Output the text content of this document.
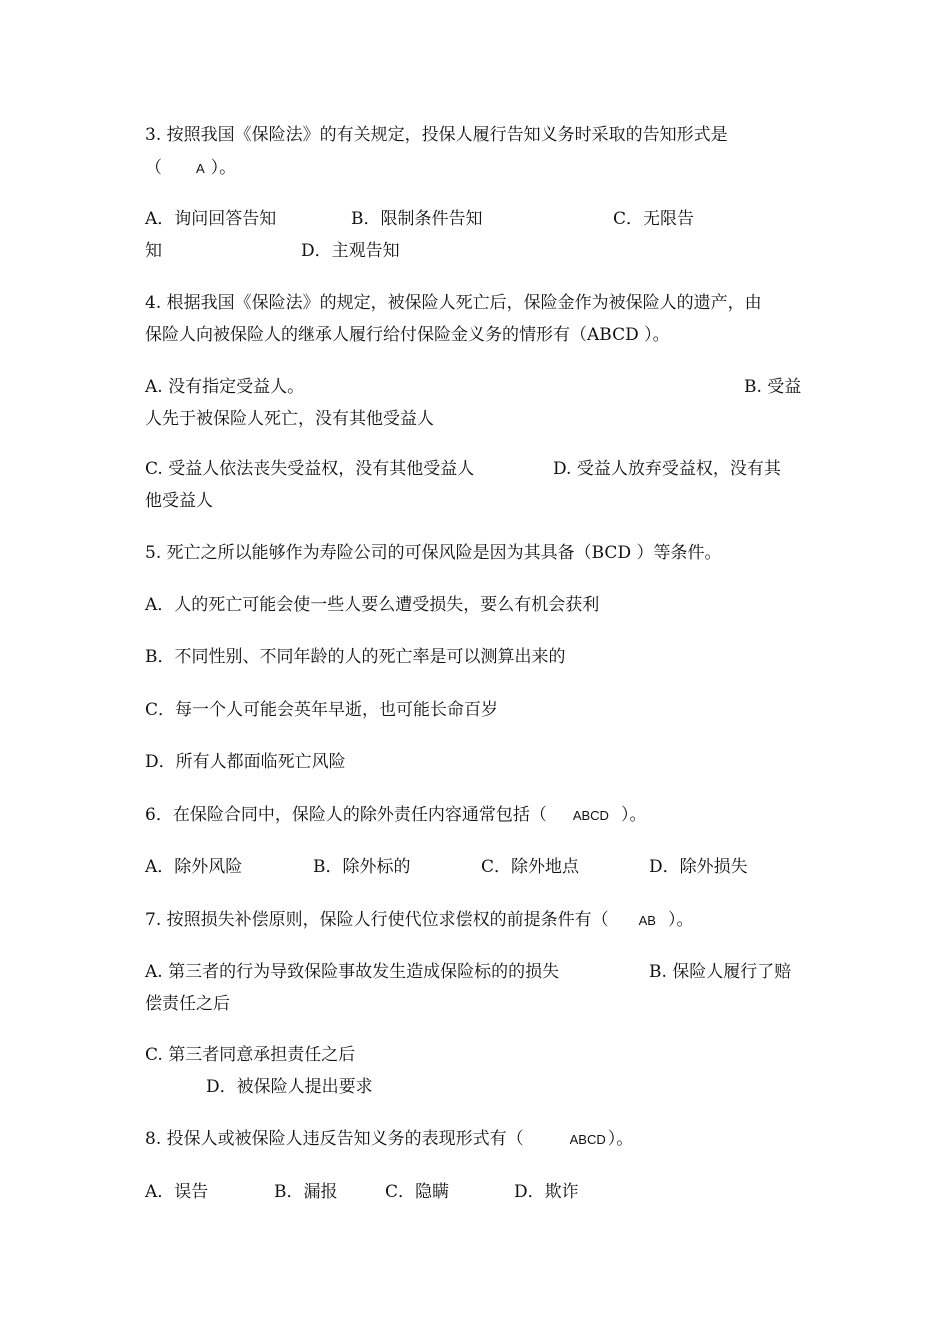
3. 按照我国《保险法》的有关规定，投保人履行告知义务时采取的告知形式是
（	A ）。
A．询问回答告知	B．限制条件告知	C．无限告
知	D．主观告知
4. 根据我国《保险法》的规定，被保险人死亡后，保险金作为被保险人的遗产，由
保险人向被保险人的继承人履行给付保险金义务的情形有（ABCD ）。
A. 没有指定受益人。	B. 受益
人先于被保险人死亡，没有其他受益人
C. 受益人依法丧失受益权，没有其他受益人	D. 受益人放弃受益权，没有其
他受益人
5. 死亡之所以能够作为寿险公司的可保风险是因为其具备（BCD ）等条件。
A．人的死亡可能会使一些人要么遭受损失，要么有机会获利
B．不同性别、不同年龄的人的死亡率是可以测算出来的
C．每一个人可能会英年早逝，也可能长命百岁
D．所有人都面临死亡风险
6．在保险合同中，保险人的除外责任内容通常包括（ ABCD ）。
A．除外风险	B．除外标的	C．除外地点	D．除外损失
7. 按照损失补偿原则，保险人行使代位求偿权的前提条件有（ AB ）。
A. 第三者的行为导致保险事故发生造成保险标的的损失	B. 保险人履行了赔
偿责任之后
C. 第三者同意承担责任之后
D．被保险人提出要求
8. 投保人或被保险人违反告知义务的表现形式有（	ABCD ）。
A．误告	B．漏报	C．隐瞒	D．欺诈
